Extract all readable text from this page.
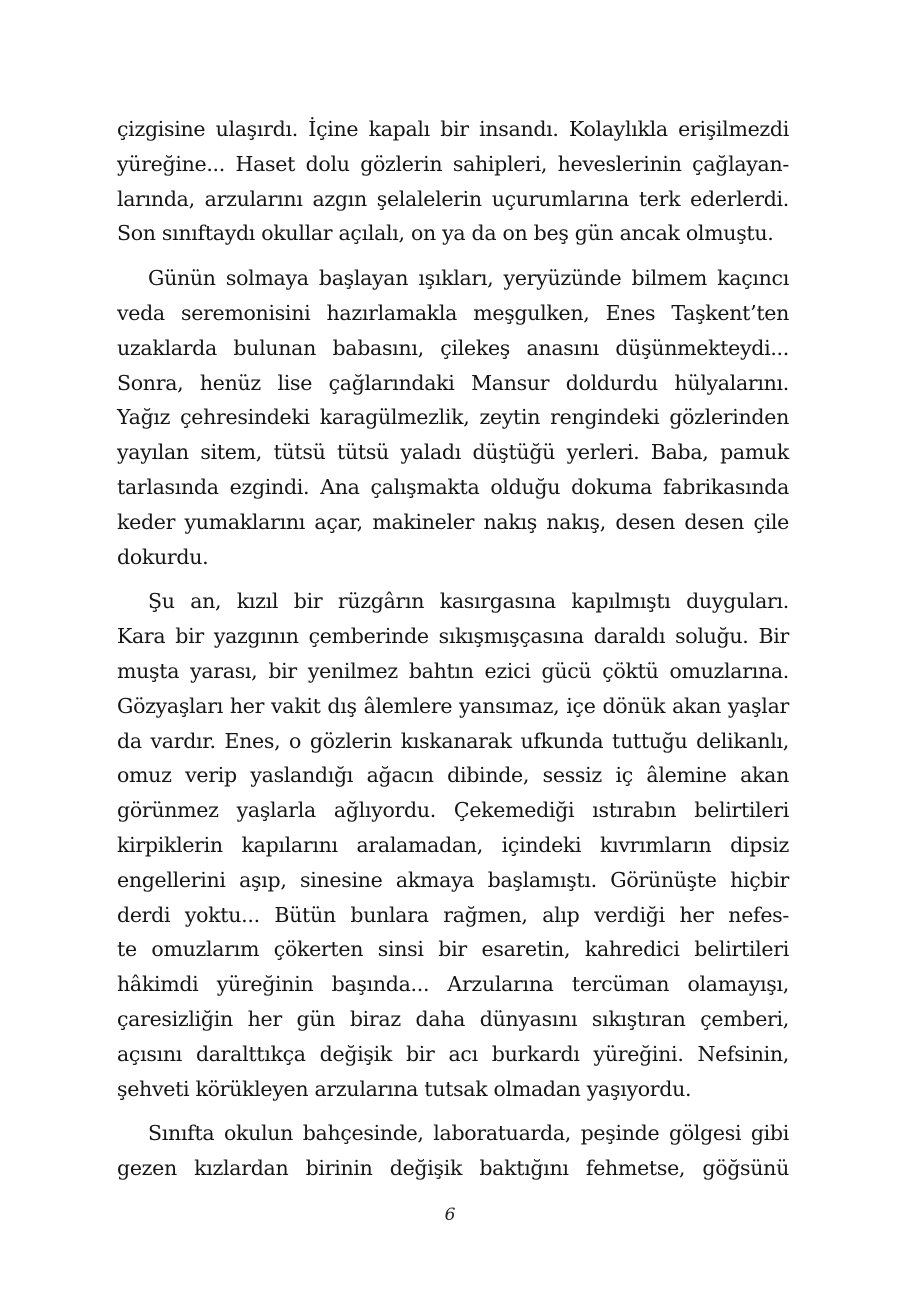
çizgisine ulaşırdı. İçine kapalı bir insandı. Kolaylıkla erişilmezdi
yüreğine... Haset dolu gözlerin sahipleri, heveslerinin çağlayan-
larında, arzularını azgın şelalelerin uçurumlarına terk ederlerdi.
Son sınıftaydı okullar açılalı, on ya da on beş gün ancak olmuştu.

Günün solmaya başlayan ışıkları, yeryüzünde bilmem kaçıncı
veda seremonisini hazırlamakla meşgulken, Enes Taşkent’ten
uzaklarda bulunan babasını, çilekeş anasını düşünmekteydi...
Sonra, henüz lise çağlarındaki Mansur doldurdu hülyalarını.
Yağız çehresindeki karagülmezlik, zeytin rengindeki gözlerinden
yayılan sitem, tütsü tütsü yaladı düştüğü yerleri. Baba, pamuk
tarlasında ezgindi. Ana çalışmakta olduğu dokuma fabrikasında
keder yumaklarını açar, makineler nakış nakış, desen desen çile
dokurdu.

Şu an, kızıl bir rüzgârın kasırgasına kapılmıştı duyguları.
Kara bir yazgının çemberinde sıkışmışçasına daraldı soluğu. Bir
muşta yarası, bir yenilmez bahtın ezici gücü çöktü omuzlarına.
Gözyaşları her vakit dış âlemlere yansımaz, içe dönük akan yaşlar
da vardır. Enes, o gözlerin kıskanarak ufkunda tuttuğu delikanlı,
omuz verip yaslandığı ağacın dibinde, sessiz iç âlemine akan
görünmez yaşlarla ağlıyordu. Çekemediği ıstırabın belirtileri
kirpiklerin kapılarını aralamadan, içindeki kıvrımların dipsiz
engellerini aşıp, sinesine akmaya başlamıştı. Görünüşte hiçbir
derdi yoktu... Bütün bunlara rağmen, alıp verdiği her nefes-
te omuzlarım çökerten sinsi bir esaretin, kahredici belirtileri
hâkimdi yüreğinin başında... Arzularına tercüman olamayışı,
çaresizliğin her gün biraz daha dünyasını sıkıştıran çemberi,
açısını daralttıkça değişik bir acı burkardı yüreğini. Nefsinin,
şehveti körükleyen arzularına tutsak olmadan yaşıyordu.

Sınıfta okulun bahçesinde, laboratuarda, peşinde gölgesi gibi
gezen kızlardan birinin değişik baktığını fehmetse, göğsünü

6
